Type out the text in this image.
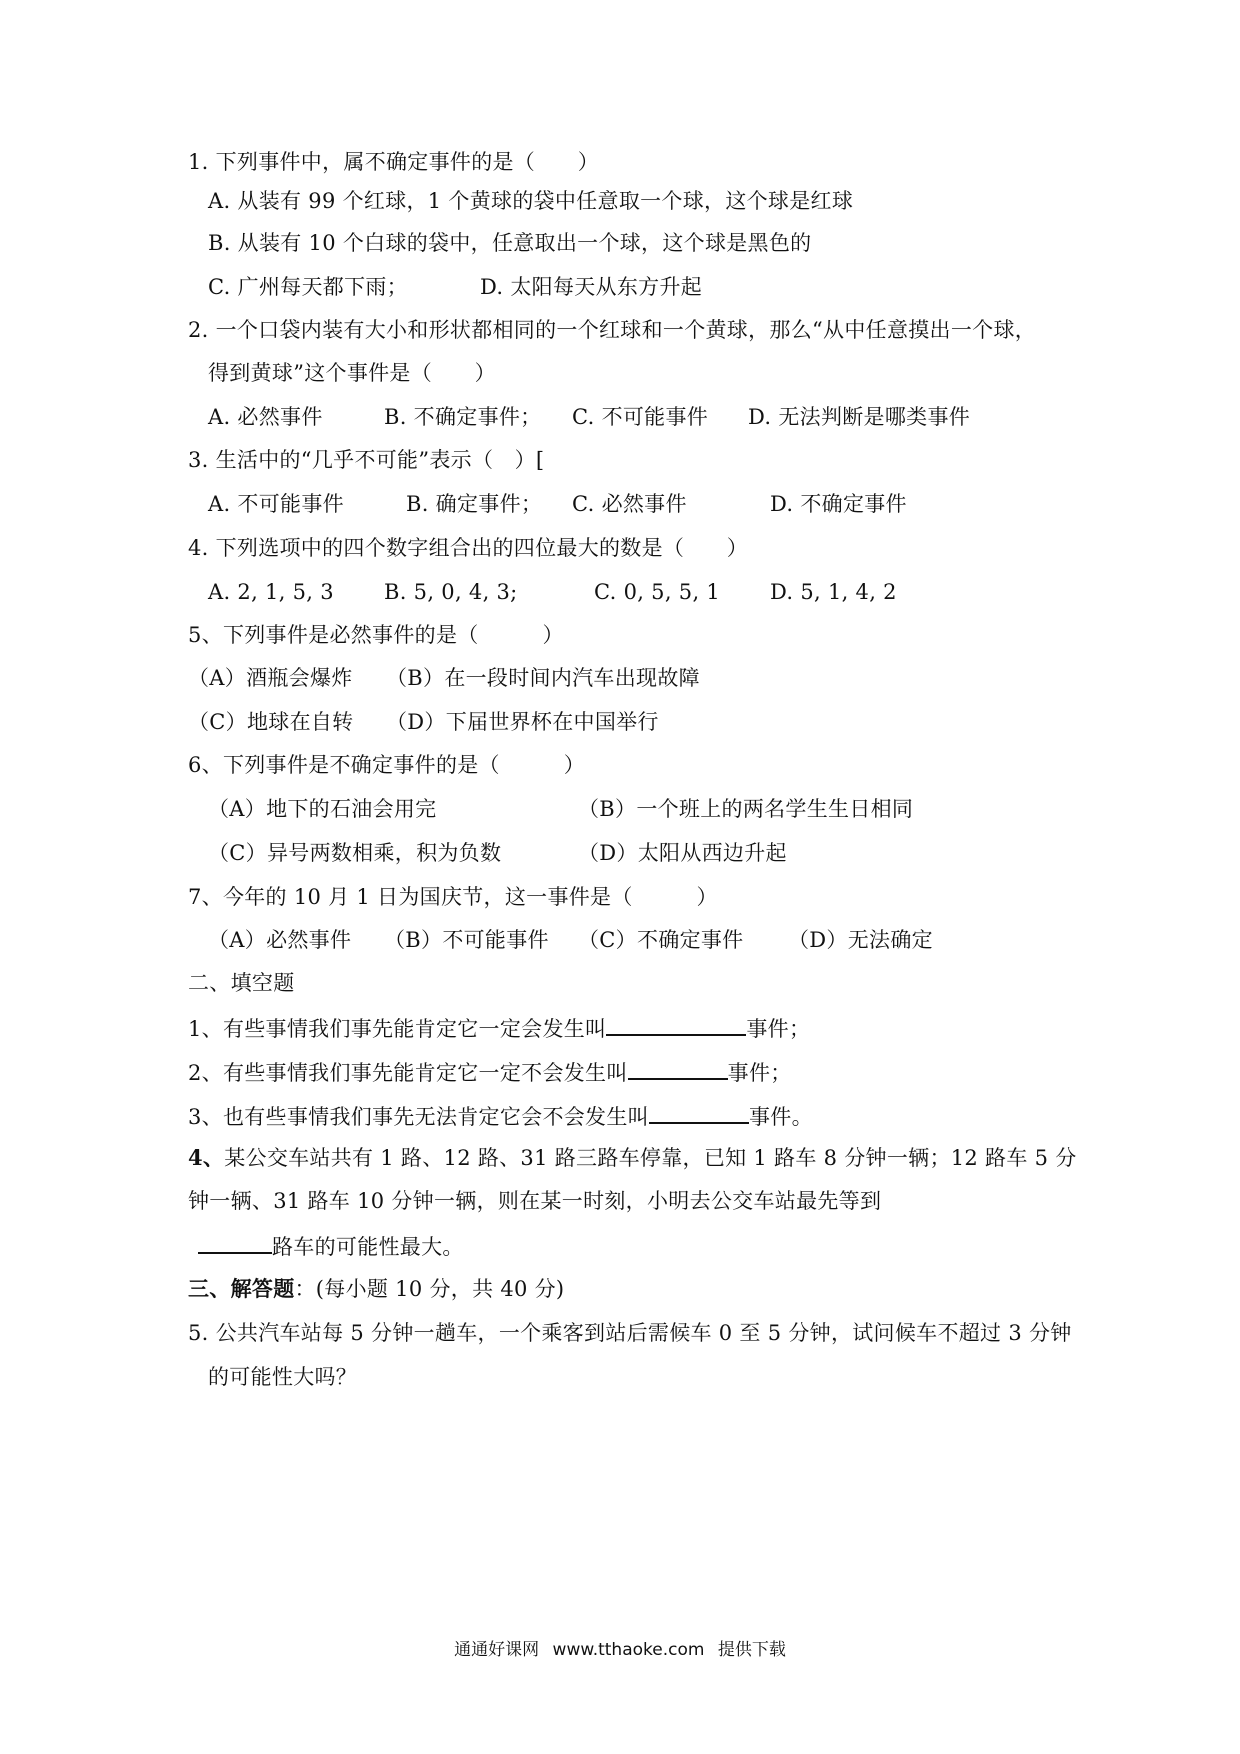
1. 下列事件中，属不确定事件的是（　　）
A. 从装有 99 个红球，1 个黄球的袋中任意取一个球，这个球是红球
B. 从装有 10 个白球的袋中，任意取出一个球，这个球是黑色的
C. 广州每天都下雨；	D. 太阳每天从东方升起
2. 一个口袋内装有大小和形状都相同的一个红球和一个黄球，那么“从中任意摸出一个球，
得到黄球”这个事件是（　　）
A. 必然事件	B. 不确定事件； C. 不可能事件 D. 无法判断是哪类事件
3. 生活中的“几乎不可能”表示（　）[
A. 不可能事件	B. 确定事件； C. 必然事件	D. 不确定事件
4. 下列选项中的四个数字组合出的四位最大的数是（　　）
A. 2, 1, 5, 3 B. 5, 0, 4, 3;	C. 0, 5, 5, 1 D. 5, 1, 4, 2
5、下列事件是必然事件的是（　　　）
（A）酒瓶会爆炸 （B）在一段时间内汽车出现故障
（C）地球在自转 （D）下届世界杯在中国举行
6、下列事件是不确定事件的是（　　　）
（A）地下的石油会用完	（B）一个班上的两名学生生日相同
（C）异号两数相乘，积为负数	（D）太阳从西边升起
7、今年的 10 月 1 日为国庆节，这一事件是（　　　）
（A）必然事件 （B）不可能事件 （C）不确定事件 （D）无法确定
二、填空题
1、有些事情我们事先能肯定它一定会发生叫	事件；
2、有些事情我们事先能肯定它一定不会发生叫	事件；
3、也有些事情我们事先无法肯定它会不会发生叫	事件。
4、某公交车站共有 1 路、12 路、31 路三路车停靠，已知 1 路车 8 分钟一辆；12 路车 5 分
钟一辆、31 路车 10 分钟一辆，则在某一时刻，小明去公交车站最先等到
路车的可能性最大。
三、解答题：(每小题 10 分，共 40 分)
5. 公共汽车站每 5 分钟一趟车，一个乘客到站后需候车 0 至 5 分钟，试问候车不超过 3 分钟
的可能性大吗？
通通好课网 www.tthaoke.com 提供下载
